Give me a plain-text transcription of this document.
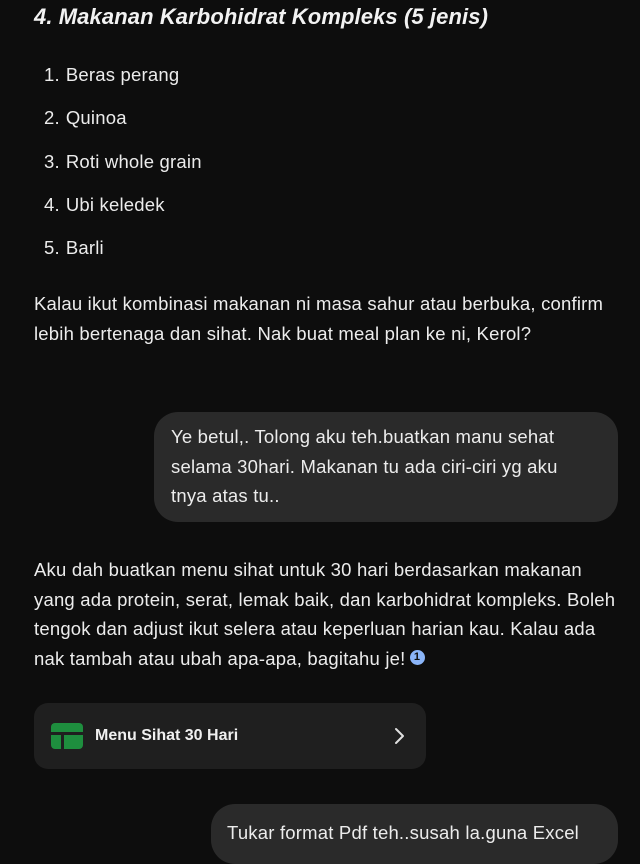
4. Makanan Karbohidrat Kompleks (5 jenis)
1. Beras perang
2. Quinoa
3. Roti whole grain
4. Ubi keledek
5. Barli

Kalau ikut kombinasi makanan ni masa sahur atau berbuka, confirm lebih bertenaga dan sihat. Nak buat meal plan ke ni, Kerol?

Ye betul,. Tolong aku teh.buatkan manu sehat selama 30hari. Makanan tu ada ciri-ciri yg aku tnya atas tu..

Aku dah buatkan menu sihat untuk 30 hari berdasarkan makanan yang ada protein, serat, lemak baik, dan karbohidrat kompleks. Boleh tengok dan adjust ikut selera atau keperluan harian kau. Kalau ada nak tambah atau ubah apa-apa, bagitahu je! 1

Menu Sihat 30 Hari
Tukar format Pdf teh..susah la.guna Excel
